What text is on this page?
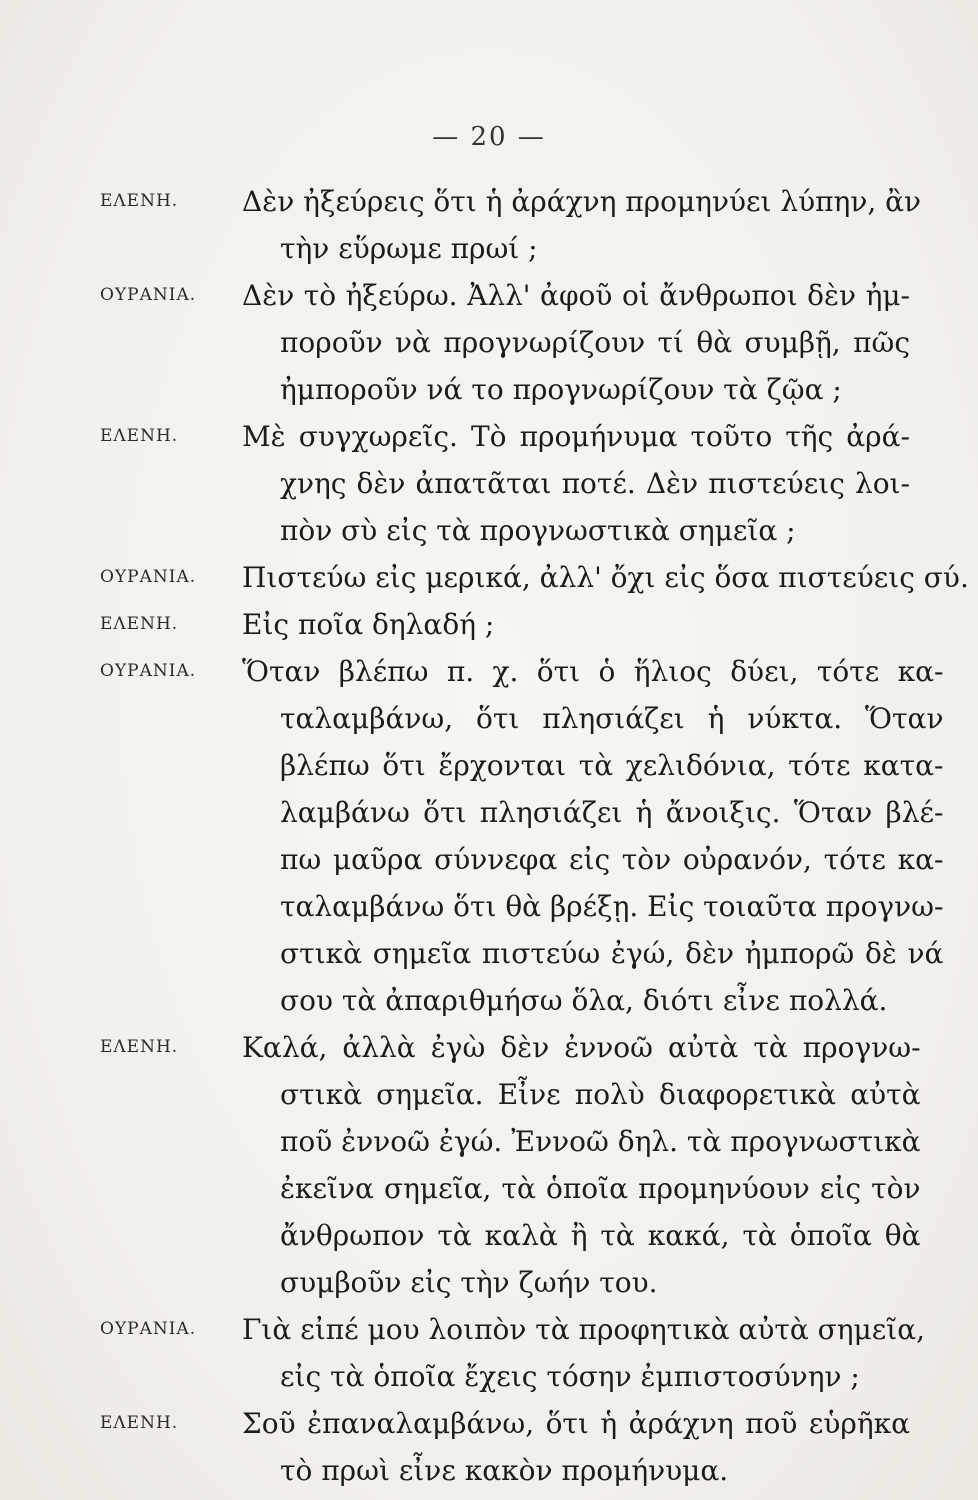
— 20 —
ΕΛΕΝΗ.	Δὲν ἠξεύρεις ὅτι ἡ ἀράχνη προμηνύει λύπην, ἂν
τὴν εὕρωμε πρωί ;
ΟΥΡΑΝΙΑ.	Δὲν τὸ ἠξεύρω. Ἀλλ' ἀφοῦ οἱ ἄνθρωποι δὲν ἠμ-
ποροῦν νὰ προγνωρίζουν τί θὰ συμβῇ, πῶς
ἠμποροῦν νά το προγνωρίζουν τὰ ζῷα ;
ΕΛΕΝΗ.	Μὲ συγχωρεῖς. Τὸ προμήνυμα τοῦτο τῆς ἀρά-
χνης δὲν ἀπατᾶται ποτέ. Δὲν πιστεύεις λοι-
πὸν σὺ εἰς τὰ προγνωστικὰ σημεῖα ;
ΟΥΡΑΝΙΑ.	Πιστεύω εἰς μερικά, ἀλλ' ὄχι εἰς ὅσα πιστεύεις σύ.
ΕΛΕΝΗ.	Εἰς ποῖα δηλαδή ;
ΟΥΡΑΝΙΑ.	Ὅταν βλέπω π. χ. ὅτι ὁ ἥλιος δύει, τότε κα-
ταλαμβάνω, ὅτι πλησιάζει ἡ νύκτα. Ὅταν
βλέπω ὅτι ἔρχονται τὰ χελιδόνια, τότε κατα-
λαμβάνω ὅτι πλησιάζει ἡ ἄνοιξις. Ὅταν βλέ-
πω μαῦρα σύννεφα εἰς τὸν οὐρανόν, τότε κα-
ταλαμβάνω ὅτι θὰ βρέξῃ. Εἰς τοιαῦτα προγνω-
στικὰ σημεῖα πιστεύω ἐγώ, δὲν ἠμπορῶ δὲ νά
σου τὰ ἀπαριθμήσω ὅλα, διότι εἶνε πολλά.
ΕΛΕΝΗ.	Καλά, ἀλλὰ ἐγὼ δὲν ἐννοῶ αὐτὰ τὰ προγνω-
στικὰ σημεῖα. Εἶνε πολὺ διαφορετικὰ αὐτὰ
ποῦ ἐννοῶ ἐγώ. Ἐννοῶ δηλ. τὰ προγνωστικὰ
ἐκεῖνα σημεῖα, τὰ ὁποῖα προμηνύουν εἰς τὸν
ἄνθρωπον τὰ καλὰ ἢ τὰ κακά, τὰ ὁποῖα θὰ
συμβοῦν εἰς τὴν ζωήν του.
ΟΥΡΑΝΙΑ.	Γιὰ εἰπέ μου λοιπὸν τὰ προφητικὰ αὐτὰ σημεῖα,
εἰς τὰ ὁποῖα ἔχεις τόσην ἐμπιστοσύνην ;
ΕΛΕΝΗ.	Σοῦ ἐπαναλαμβάνω, ὅτι ἡ ἀράχνη ποῦ εὑρῆκα
τὸ πρωὶ εἶνε κακὸν προμήνυμα.
